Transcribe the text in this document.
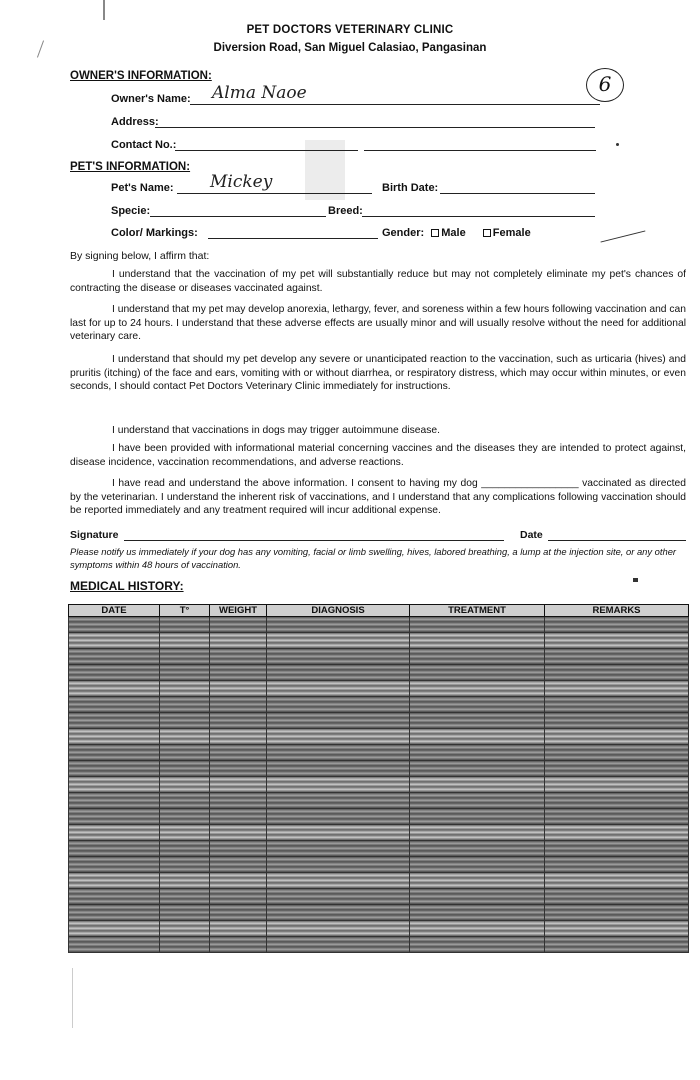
PET DOCTORS VETERINARY CLINIC
Diversion Road, San Miguel Calasiao, Pangasinan
6
OWNER'S INFORMATION:
Owner's Name: Alma Naoe
Address:
Contact No.:
PET'S INFORMATION:
Pet's Name: Mickey	Birth Date:
Specie:	Breed:
Color/ Markings:	Gender: Male Female
By signing below, I affirm that:
I understand that the vaccination of my pet will substantially reduce but may not completely eliminate my pet's chances of contracting the disease or diseases vaccinated against.
I understand that my pet may develop anorexia, lethargy, fever, and soreness within a few hours following vaccination and can last for up to 24 hours. I understand that these adverse effects are usually minor and will usually resolve without the need for additional veterinary care.
I understand that should my pet develop any severe or unanticipated reaction to the vaccination, such as urticaria (hives) and pruritis (itching) of the face and ears, vomiting with or without diarrhea, or respiratory distress, which may occur within minutes, or even seconds, I should contact Pet Doctors Veterinary Clinic immediately for instructions.
I understand that vaccinations in dogs may trigger autoimmune disease.
I have been provided with informational material concerning vaccines and the diseases they are intended to protect against, disease incidence, vaccination recommendations, and adverse reactions.
I have read and understand the above information. I consent to having my dog _________________ vaccinated as directed by the veterinarian. I understand the inherent risk of vaccinations, and I understand that any complications following vaccination should be reported immediately and any treatment required will incur additional expense.
Signature	Date
Please notify us immediately if your dog has any vomiting, facial or limb swelling, hives, labored breathing, a lump at the injection site, or any other symptoms within 48 hours of vaccination.
MEDICAL HISTORY:
DATE	T°	WEIGHT	DIAGNOSIS	TREATMENT	REMARKS
